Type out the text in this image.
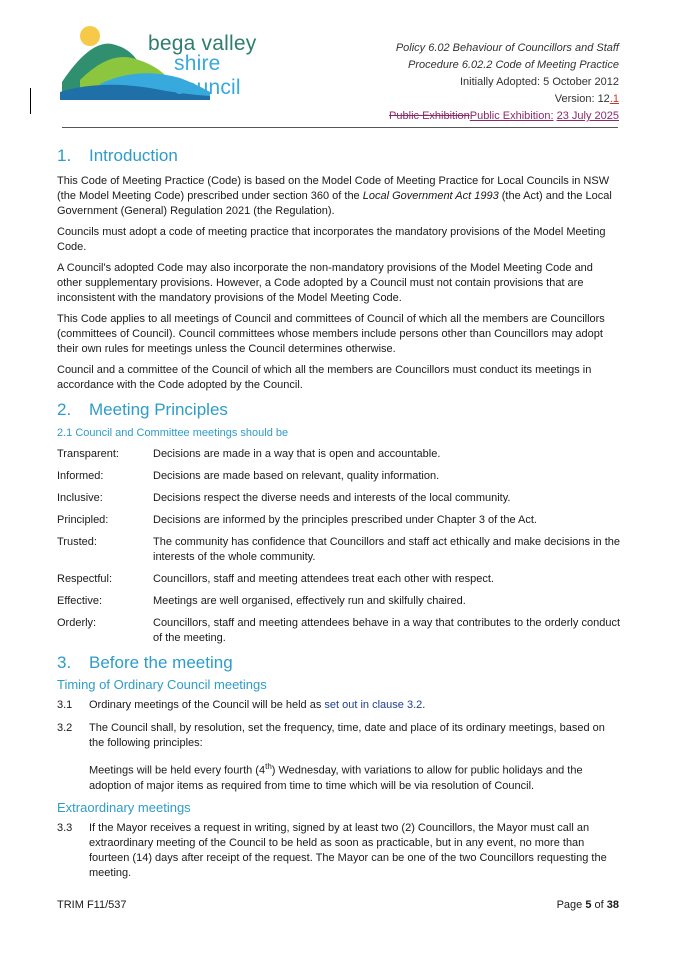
bega valley
shire council
Policy 6.02 Behaviour of Councillors and Staff
Procedure 6.02.2 Code of Meeting Practice
Initially Adopted: 5 October 2012
Version: 12.1
Public ExhibitionPublic Exhibition: 23 July 2025
1. Introduction

This Code of Meeting Practice (Code) is based on the Model Code of Meeting Practice for Local Councils in NSW (the Model Meeting Code) prescribed under section 360 of the Local Government Act 1993 (the Act) and the Local Government (General) Regulation 2021 (the Regulation).

Councils must adopt a code of meeting practice that incorporates the mandatory provisions of the Model Meeting Code.

A Council's adopted Code may also incorporate the non-mandatory provisions of the Model Meeting Code and other supplementary provisions. However, a Code adopted by a Council must not contain provisions that are inconsistent with the mandatory provisions of the Model Meeting Code.

This Code applies to all meetings of Council and committees of Council of which all the members are Councillors (committees of Council). Council committees whose members include persons other than Councillors may adopt their own rules for meetings unless the Council determines otherwise.

Council and a committee of the Council of which all the members are Councillors must conduct its meetings in accordance with the Code adopted by the Council.

2. Meeting Principles

2.1 Council and Committee meetings should be

Transparent:	Decisions are made in a way that is open and accountable.
Informed:	Decisions are made based on relevant, quality information.
Inclusive:	Decisions respect the diverse needs and interests of the local community.
Principled:	Decisions are informed by the principles prescribed under Chapter 3 of the Act.
Trusted:	The community has confidence that Councillors and staff act ethically and make decisions in the interests of the whole community.
Respectful:	Councillors, staff and meeting attendees treat each other with respect.
Effective:	Meetings are well organised, effectively run and skilfully chaired.
Orderly:	Councillors, staff and meeting attendees behave in a way that contributes to the orderly conduct of the meeting.
3. Before the meeting

Timing of Ordinary Council meetings

3.1	Ordinary meetings of the Council will be held as set out in clause 3.2.
3.2	The Council shall, by resolution, set the frequency, time, date and place of its ordinary meetings, based on the following principles:
Meetings will be held every fourth (4th) Wednesday, with variations to allow for public holidays and the adoption of major items as required from time to time which will be via resolution of Council.

Extraordinary meetings

3.3	If the Mayor receives a request in writing, signed by at least two (2) Councillors, the Mayor must call an extraordinary meeting of the Council to be held as soon as practicable, but in any event, no more than fourteen (14) days after receipt of the request. The Mayor can be one of the two Councillors requesting the meeting.
TRIM F11/537	Page 5 of 38
